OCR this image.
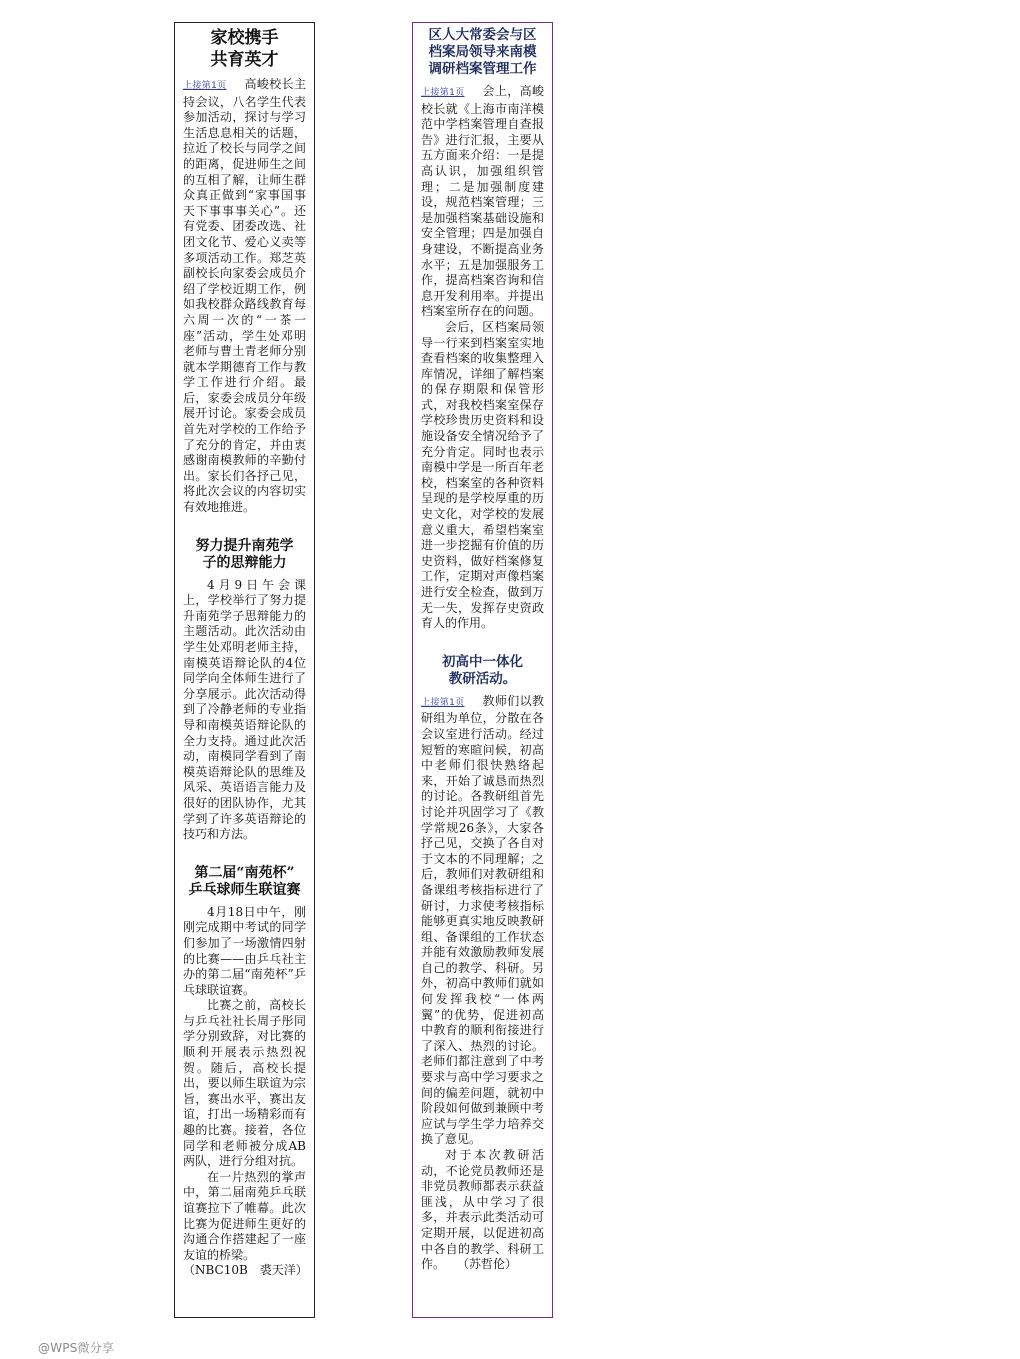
家校携手
共育英才

上接第1页 高峻校长主持会议，八名学生代表参加活动，探讨与学习生活息息相关的话题，拉近了校长与同学之间的距离，促进师生之间的互相了解，让师生群众真正做到“家事国事天下事事事关心”。还有党委、团委改选、社团文化节、爱心义卖等多项活动工作。郑芝英副校长向家委会成员介绍了学校近期工作，例如我校群众路线教育每六周一次的“一茶一座”活动，学生处邓明老师与曹土青老师分别就本学期德育工作与教学工作进行介绍。最后，家委会成员分年级展开讨论。家委会成员首先对学校的工作给予了充分的肯定，并由衷感谢南模教师的辛勤付出。家长们各抒己见，将此次会议的内容切实有效地推进。

努力提升南苑学
子的思辩能力

4月9日午会课上，学校举行了努力提升南苑学子思辩能力的主题活动。此次活动由学生处邓明老师主持，南模英语辩论队的4位同学向全体师生进行了分享展示。此次活动得到了冷静老师的专业指导和南模英语辩论队的全力支持。通过此次活动，南模同学看到了南模英语辩论队的思维及风采、英语语言能力及很好的团队协作，尤其学到了许多英语辩论的技巧和方法。

第二届“南苑杯”
乒乓球师生联谊赛

4月18日中午，刚刚完成期中考试的同学们参加了一场激情四射的比赛——由乒乓社主办的第二届“南苑杯”乒乓球联谊赛。

比赛之前，高校长与乒乓社社长周子彤同学分别致辞，对比赛的顺利开展表示热烈祝贺。随后，高校长提出，要以师生联谊为宗旨，赛出水平，赛出友谊，打出一场精彩而有趣的比赛。接着，各位同学和老师被分成AB两队，进行分组对抗。

在一片热烈的掌声中，第二届南苑乒乓联谊赛拉下了帷幕。此次比赛为促进师生更好的沟通合作搭建起了一座友谊的桥梁。

（NBC10B　裘天洋）

区人大常委会与区
档案局领导来南模
调研档案管理工作

上接第1页 会上，高峻校长就《上海市南洋模范中学档案管理自查报告》进行汇报，主要从五方面来介绍：一是提高认识，加强组织管理；二是加强制度建设，规范档案管理；三是加强档案基础设施和安全管理；四是加强自身建设，不断提高业务水平；五是加强服务工作，提高档案咨询和信息开发利用率。并提出档案室所存在的问题。

会后，区档案局领导一行来到档案室实地查看档案的收集整理入库情况，详细了解档案的保存期限和保管形式，对我校档案室保存学校珍贵历史资料和设施设备安全情况给予了充分肯定。同时也表示南模中学是一所百年老校，档案室的各种资料呈现的是学校厚重的历史文化，对学校的发展意义重大，希望档案室进一步挖掘有价值的历史资料，做好档案修复工作，定期对声像档案进行安全检查，做到万无一失，发挥存史资政育人的作用。

初高中一体化
教研活动。

上接第1页 教师们以教研组为单位，分散在各会议室进行活动。经过短暂的寒暄问候，初高中老师们很快熟络起来，开始了诚恳而热烈的讨论。各教研组首先讨论并巩固学习了《教学常规26条》，大家各抒己见，交换了各自对于文本的不同理解；之后，教师们对教研组和备课组考核指标进行了研讨，力求使考核指标能够更真实地反映教研组、备课组的工作状态并能有效激励教师发展自己的教学、科研。另外，初高中教师们就如何发挥我校“一体两翼”的优势，促进初高中教育的顺利衔接进行了深入、热烈的讨论。老师们都注意到了中考要求与高中学习要求之间的偏差问题，就初中阶段如何做到兼顾中考应试与学生学力培养交换了意见。

对于本次教研活动，不论党员教师还是非党员教师都表示获益匪浅，从中学习了很多，并表示此类活动可定期开展，以促进初高中各自的教学、科研工作。　　 （苏哲伦）

@WPS微分享
